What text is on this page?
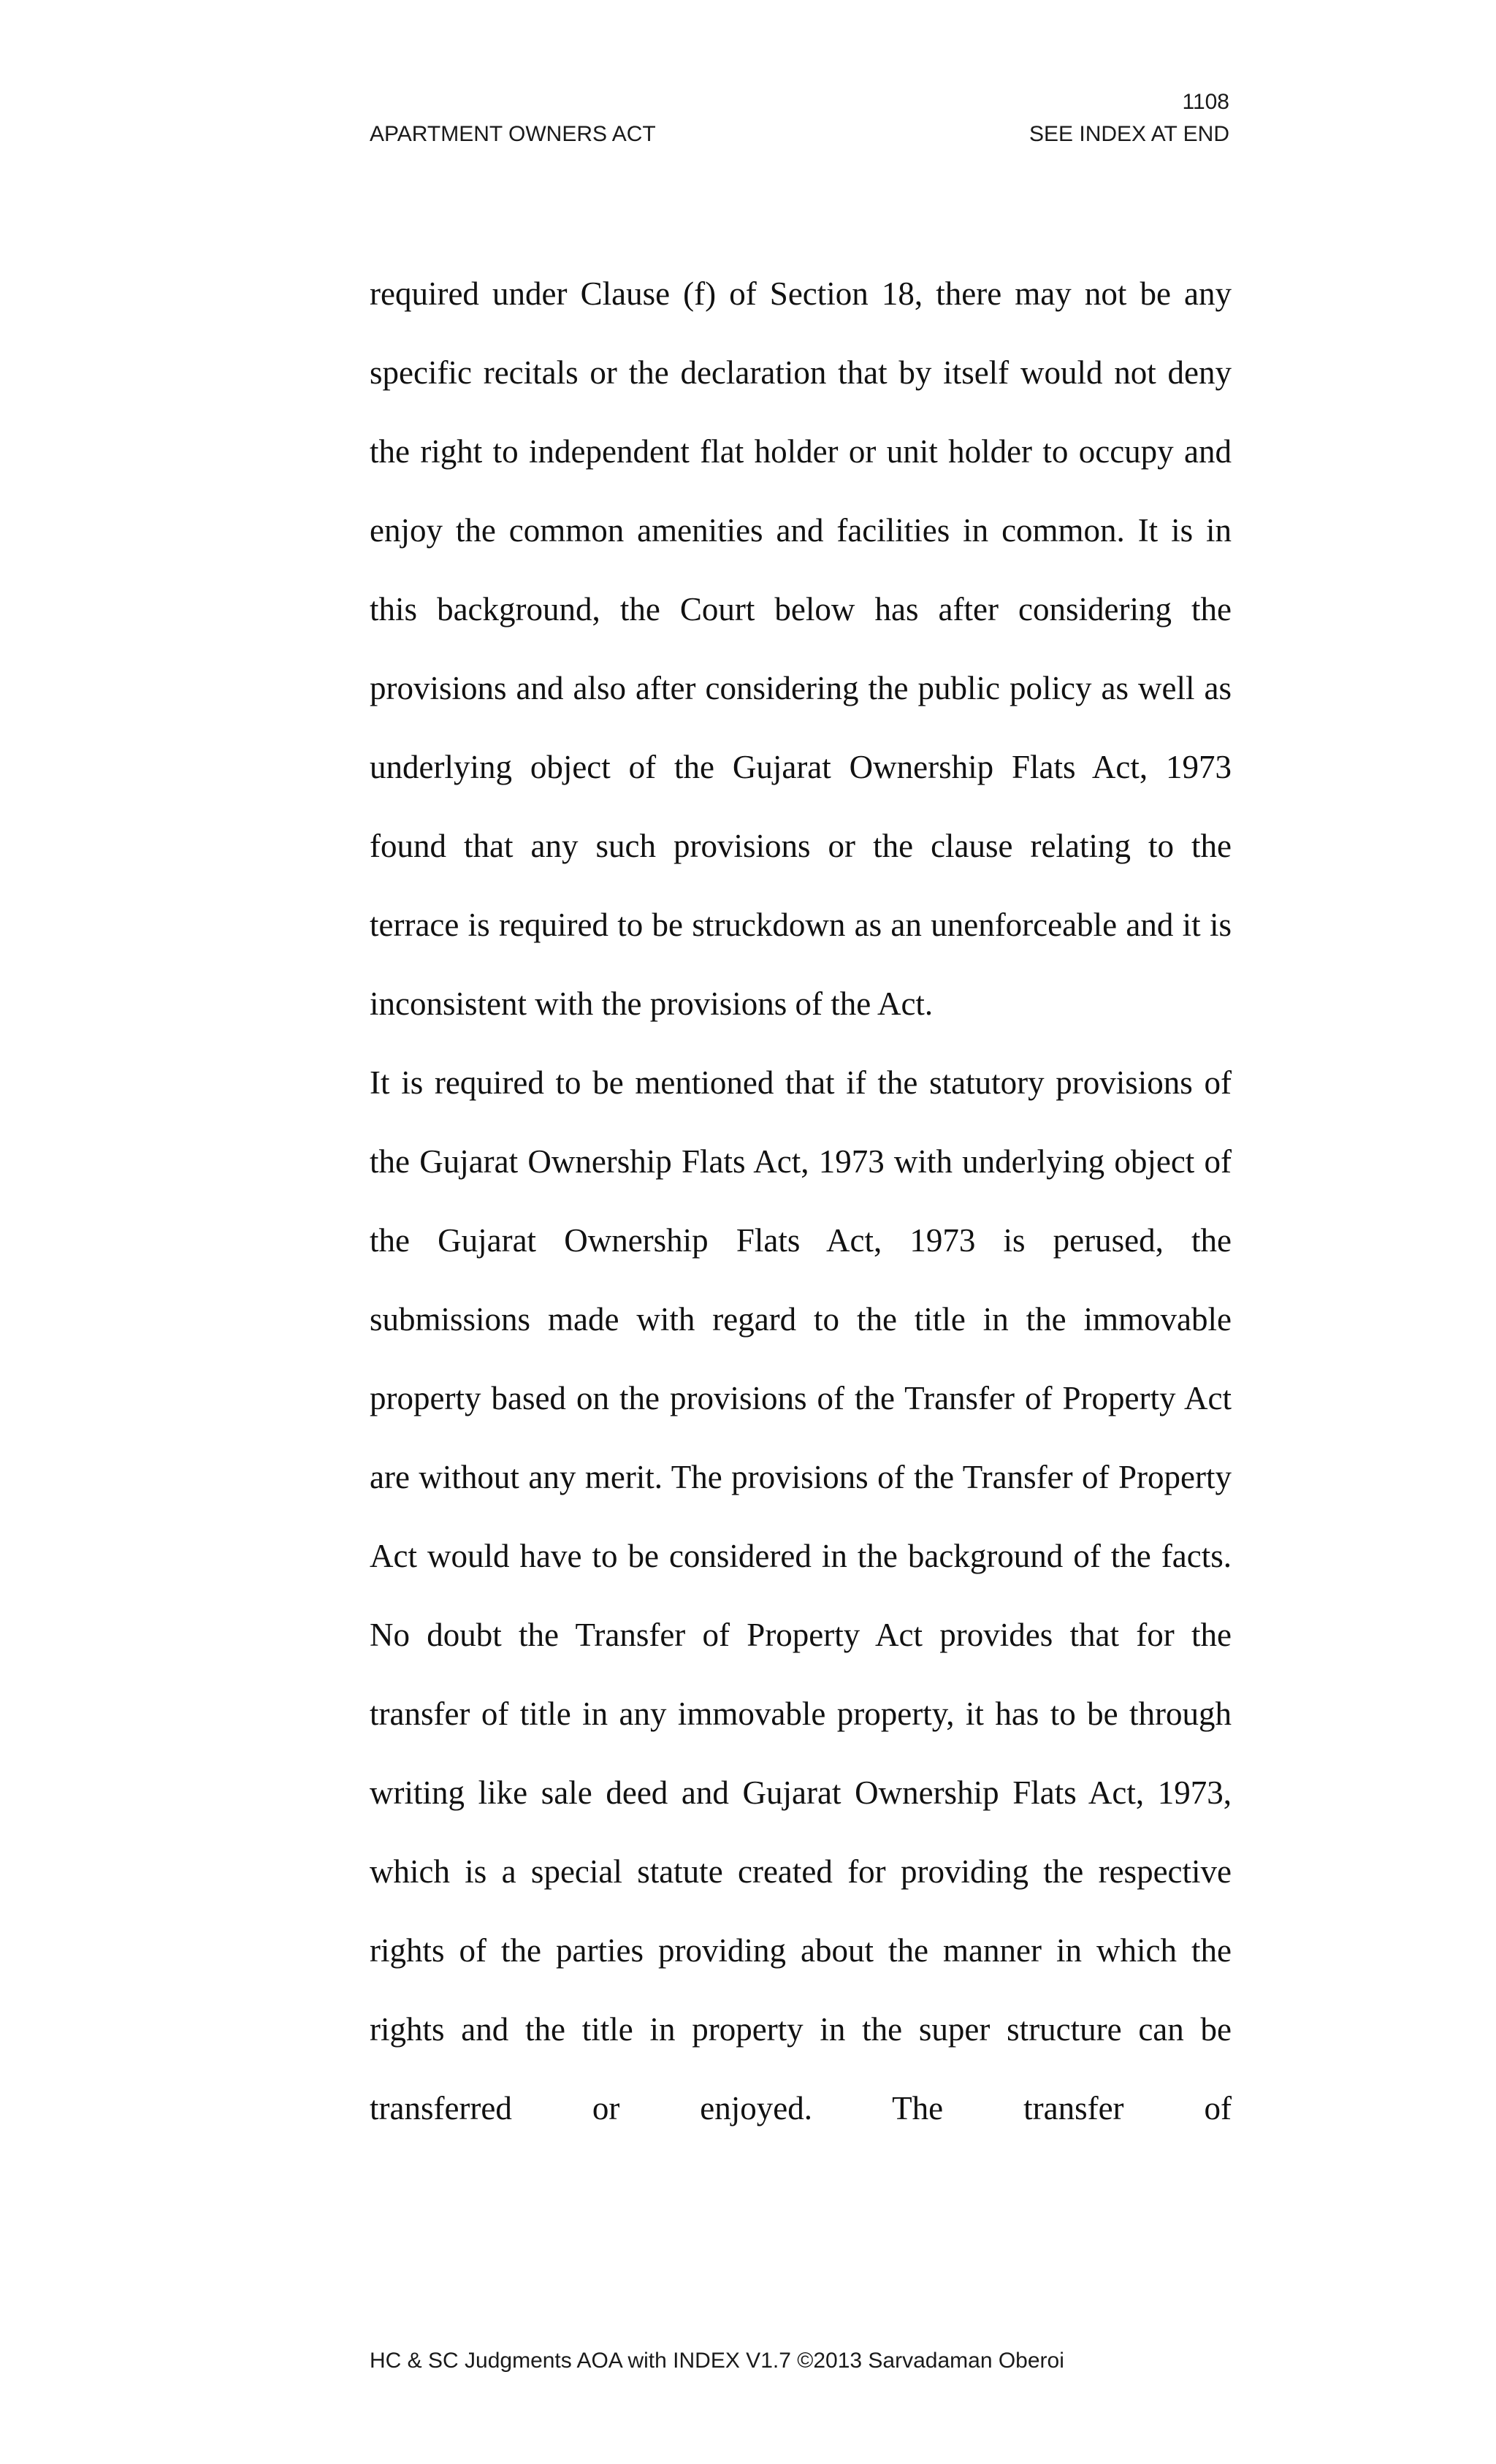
1108
APARTMENT OWNERS ACT	SEE INDEX AT END

required under Clause (f) of Section 18, there may not be any specific recitals or the declaration that by itself would not deny the right to independent flat holder or unit holder to occupy and enjoy the common amenities and facilities in common. It is in this background, the Court below has after considering the provisions and also after considering the public policy as well as underlying object of the Gujarat Ownership Flats Act, 1973 found that any such provisions or the clause relating to the terrace is required to be struckdown as an unenforceable and it is inconsistent with the provisions of the Act.

It is required to be mentioned that if the statutory provisions of the Gujarat Ownership Flats Act, 1973 with underlying object of the Gujarat Ownership Flats Act, 1973 is perused, the submissions made with regard to the title in the immovable property based on the provisions of the Transfer of Property Act are without any merit. The provisions of the Transfer of Property Act would have to be considered in the background of the facts. No doubt the Transfer of Property Act provides that for the transfer of title in any immovable property, it has to be through writing like sale deed and Gujarat Ownership Flats Act, 1973, which is a special statute created for providing the respective rights of the parties providing about the manner in which the rights and the title in property in the super structure can be transferred or enjoyed. The transfer of

HC & SC Judgments AOA with INDEX V1.7 ©2013 Sarvadaman Oberoi
